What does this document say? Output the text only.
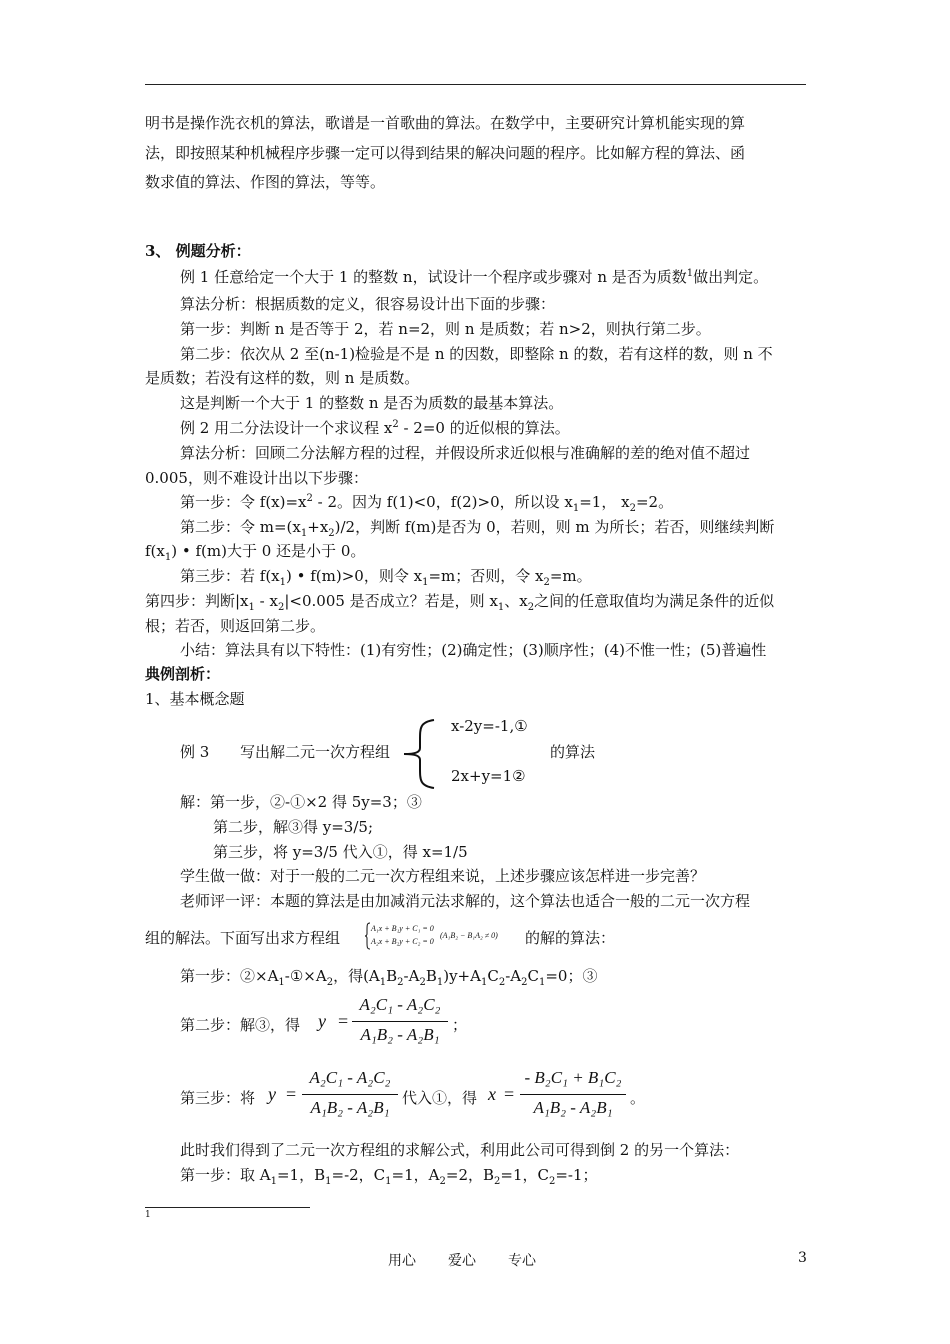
明书是操作洗衣机的算法，歌谱是一首歌曲的算法。在数学中，主要研究计算机能实现的算
法，即按照某种机械程序步骤一定可以得到结果的解决问题的程序。比如解方程的算法、函
数求值的算法、作图的算法，等等。
3、 例题分析：
例 1 任意给定一个大于 1 的整数 n，试设计一个程序或步骤对 n 是否为质数$^1$做出判定。
算法分析：根据质数的定义，很容易设计出下面的步骤：
第一步：判断 n 是否等于 2，若 n=2，则 n 是质数；若 n>2，则执行第二步。
第二步：依次从 2 至(n-1)检验是不是 n 的因数，即整除 n 的数，若有这样的数，则 n 不
是质数；若没有这样的数，则 n 是质数。
这是判断一个大于 1 的整数 n 是否为质数的最基本算法。
例 2 用二分法设计一个求议程 $x^2 - 2=0$ 的近似根的算法。
算法分析：回顾二分法解方程的过程，并假设所求近似根与准确解的差的绝对值不超过
0.005，则不难设计出以下步骤：
第一步：令 $f(x)=x^2 - 2$。因为 f(1)<0，f(2)>0，所以设 $x_1=1$， $x_2=2$。
第二步：令 $m=(x_1+x_2)/2$，判断 f(m)是否为 0，若则，则 m 为所长；若否，则继续判断
$f(x_1)$ • f(m)大于 0 还是小于 0。
第三步：若 $f(x_1)$ • f(m)>0，则令 $x_1=m$；否则，令 $x_2=m$。
第四步：判断$|x_1 - x_2|<0.005$ 是否成立？若是，则 $x_1$、$x_2$之间的任意取值均为满足条件的近似
根；若否，则返回第二步。
小结：算法具有以下特性：(1)有穷性；(2)确定性；(3)顺序性；(4)不惟一性；(5)普遍性
典例剖析：
1、基本概念题
例 3 写出解二元一次方程组
x-2y=-1,①
2x+y=1②
的算法
解：第一步，②-①×2 得 5y=3；③
第二步，解③得 y=3/5;
第三步，将 y=3/5 代入①，得 x=1/5
学生做一做：对于一般的二元一次方程组来说，上述步骤应该怎样进一步完善？
老师评一评：本题的算法是由加减消元法求解的，这个算法也适合一般的二元一次方程
组的解法。下面写出求方程组
A₁x + B₁y + C₁ = 0
A₂x + B₂y + C₂ = 0
(A₁B₂ − B₁A₂ ≠ 0) 的解的算法：
第一步：$②\times A_1-①\times A_2$，得$(A_1B_2-A_2B_1)y+A_1C_2-A_2C_1=0$；③
第二步：解③，得 y =
A₂C₁ - A₂C₂
A₁B₂ - A₂B₁ ；
第三步：将 y =
A₂C₁ - A₂C₂
A₁B₂ - A₂B₁ 代入①，得 x =
- B₂C₁ + B₁C₂
A₁B₂ - A₂B₁	。
此时我们得到了二元一次方程组的求解公式，利用此公司可得到倒 2 的另一个算法：
第一步：取 $A_1=1$，$B_1=-2$，$C_1=1$，$A_2=2$，$B_2=1$，$C_2=-1$；
1
用心 爱心 专心	3
